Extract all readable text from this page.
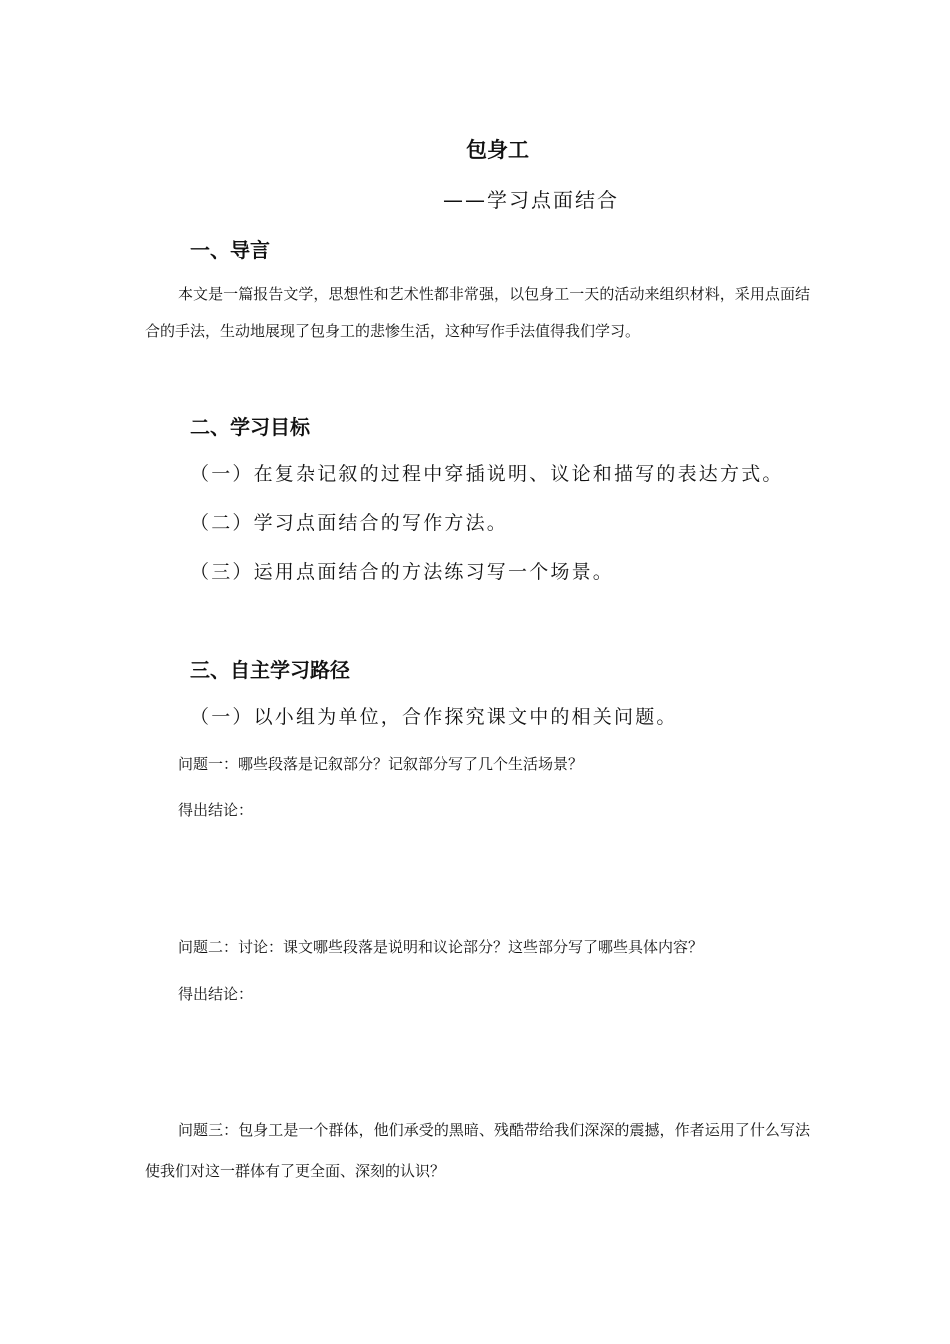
包身工
——学习点面结合
一、导言
本文是一篇报告文学，思想性和艺术性都非常强，以包身工一天的活动来组织材料，采用点面结合的手法，生动地展现了包身工的悲惨生活，这种写作手法值得我们学习。
二、学习目标
（一）在复杂记叙的过程中穿插说明、议论和描写的表达方式。
（二）学习点面结合的写作方法。
（三）运用点面结合的方法练习写一个场景。
三、自主学习路径
（一）以小组为单位，合作探究课文中的相关问题。
问题一：哪些段落是记叙部分？记叙部分写了几个生活场景？
得出结论：
问题二：讨论：课文哪些段落是说明和议论部分？这些部分写了哪些具体内容？
得出结论：
问题三：包身工是一个群体，他们承受的黑暗、残酷带给我们深深的震撼，作者运用了什么写法使我们对这一群体有了更全面、深刻的认识？
